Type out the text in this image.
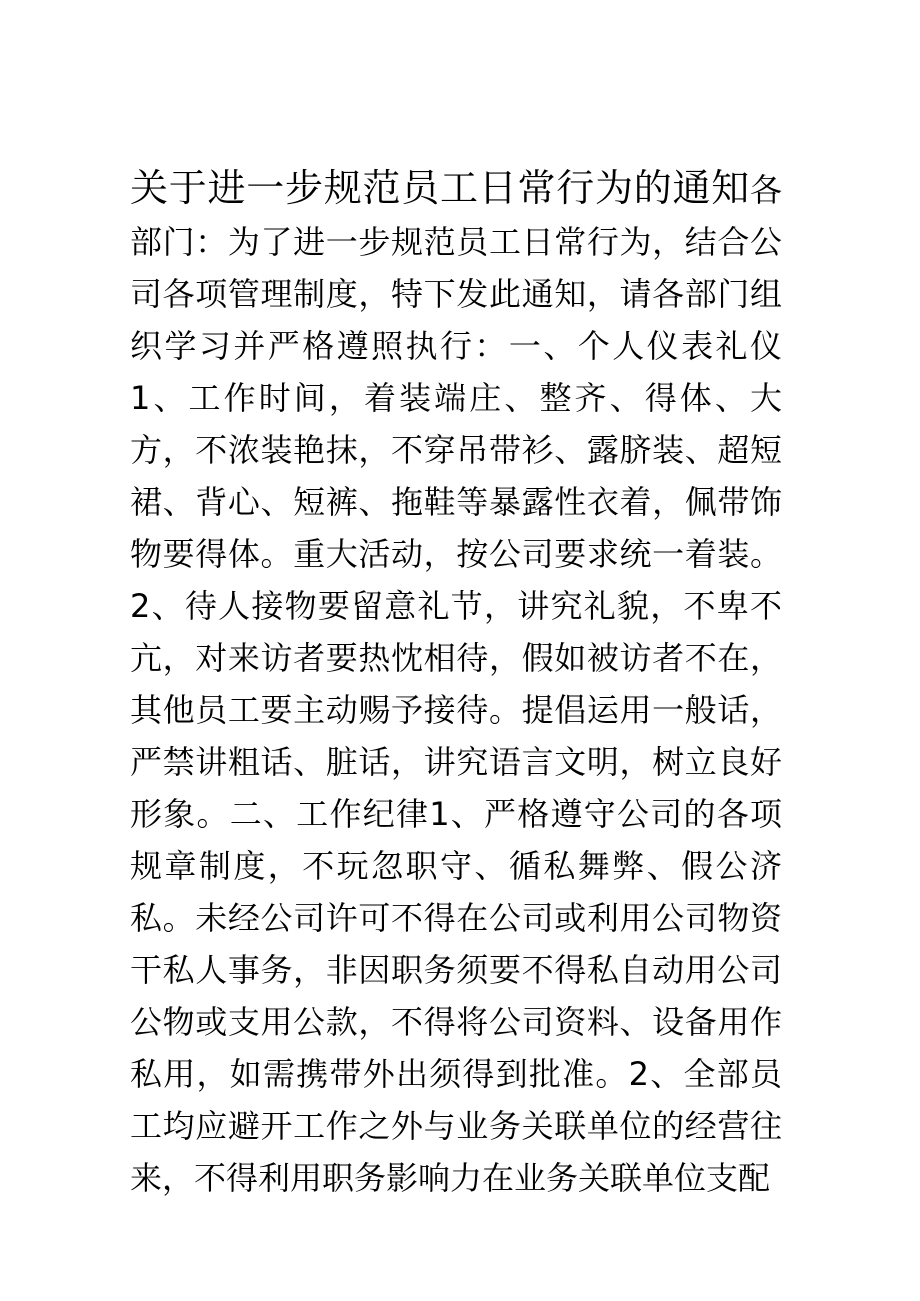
关于进一步规范员工日常行为的通知各部门：为了进一步规范员工日常行为，结合公司各项管理制度，特下发此通知，请各部门组织学习并严格遵照执行：一、个人仪表礼仪1、工作时间，着装端庄、整齐、得体、大方，不浓装艳抹，不穿吊带衫、露脐装、超短裙、背心、短裤、拖鞋等暴露性衣着，佩带饰物要得体。重大活动，按公司要求统一着装。2、待人接物要留意礼节，讲究礼貌，不卑不亢，对来访者要热忱相待，假如被访者不在，其他员工要主动赐予接待。提倡运用一般话，严禁讲粗话、脏话，讲究语言文明，树立良好形象。二、工作纪律1、严格遵守公司的各项规章制度，不玩忽职守、循私舞弊、假公济私。未经公司许可不得在公司或利用公司物资干私人事务，非因职务须要不得私自动用公司公物或支用公款，不得将公司资料、设备用作私用，如需携带外出须得到批准。2、全部员工均应避开工作之外与业务关联单位的经营往来，不得利用职务影响力在业务关联单位支配
